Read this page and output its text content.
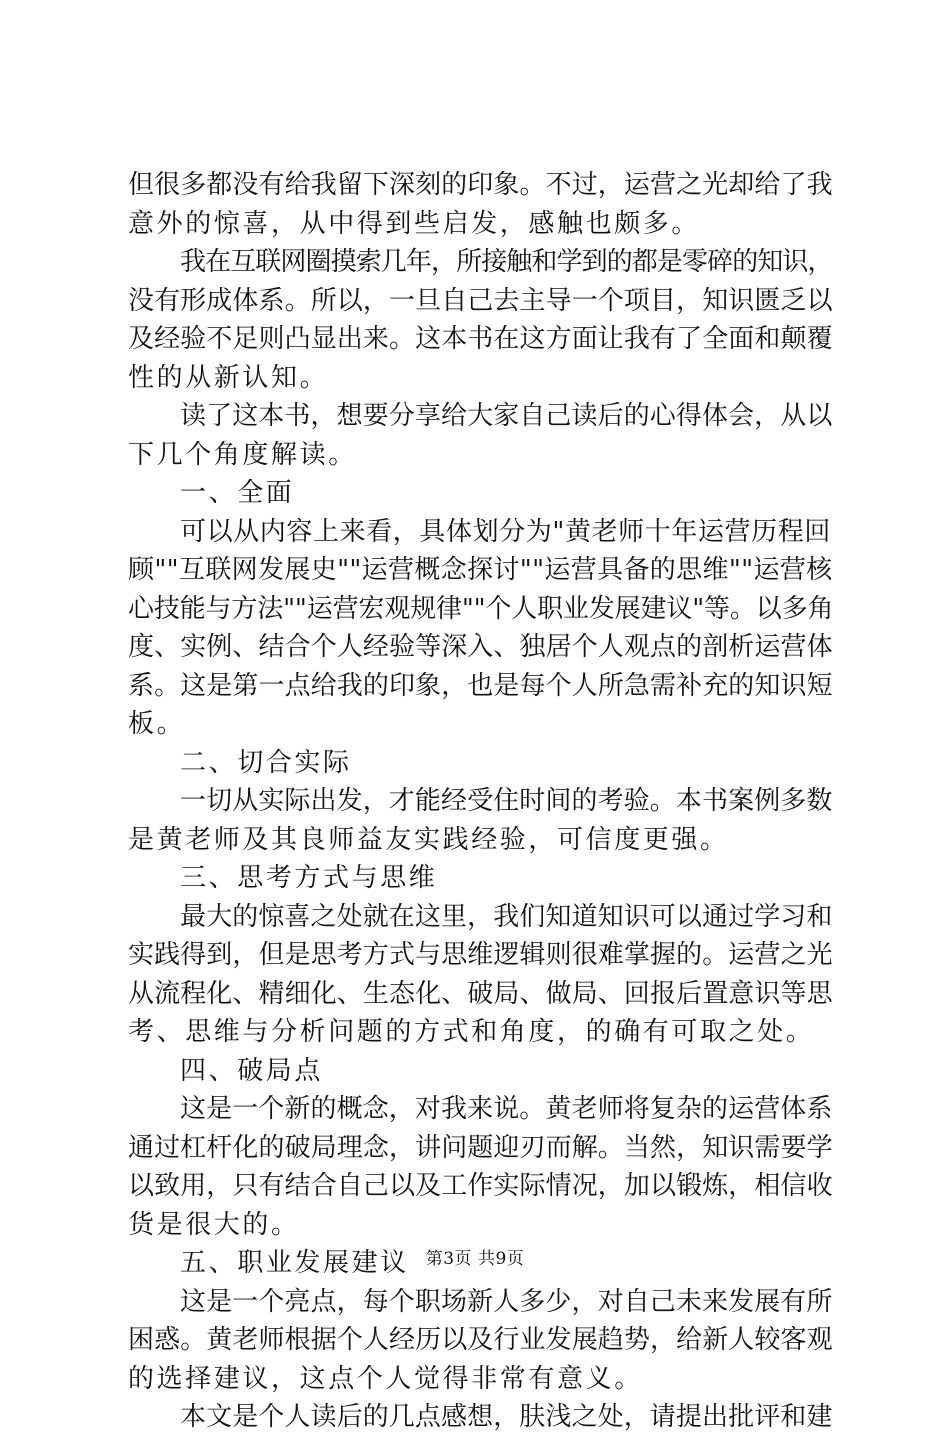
但很多都没有给我留下深刻的印象。不过，运营之光却给了我
意外的惊喜，从中得到些启发，感触也颇多。
我在互联网圈摸索几年，所接触和学到的都是零碎的知识，
没有形成体系。所以，一旦自己去主导一个项目，知识匮乏以
及经验不足则凸显出来。这本书在这方面让我有了全面和颠覆
性的从新认知。
读了这本书，想要分享给大家自己读后的心得体会，从以
下几个角度解读。
一、全面
可以从内容上来看，具体划分为"黄老师十年运营历程回
顾""互联网发展史""运营概念探讨""运营具备的思维""运营核
心技能与方法""运营宏观规律""个人职业发展建议"等。以多角
度、实例、结合个人经验等深入、独居个人观点的剖析运营体
系。这是第一点给我的印象，也是每个人所急需补充的知识短
板。
二、切合实际
一切从实际出发，才能经受住时间的考验。本书案例多数
是黄老师及其良师益友实践经验，可信度更强。
三、思考方式与思维
最大的惊喜之处就在这里，我们知道知识可以通过学习和
实践得到，但是思考方式与思维逻辑则很难掌握的。运营之光
从流程化、精细化、生态化、破局、做局、回报后置意识等思
考、思维与分析问题的方式和角度，的确有可取之处。
四、破局点
这是一个新的概念，对我来说。黄老师将复杂的运营体系
通过杠杆化的破局理念，讲问题迎刃而解。当然，知识需要学
以致用，只有结合自己以及工作实际情况，加以锻炼，相信收
货是很大的。
五、职业发展建议
这是一个亮点，每个职场新人多少，对自己未来发展有所
困惑。黄老师根据个人经历以及行业发展趋势，给新人较客观
的选择建议，这点个人觉得非常有意义。
本文是个人读后的几点感想，肤浅之处，请提出批评和建
第3页 共9页
